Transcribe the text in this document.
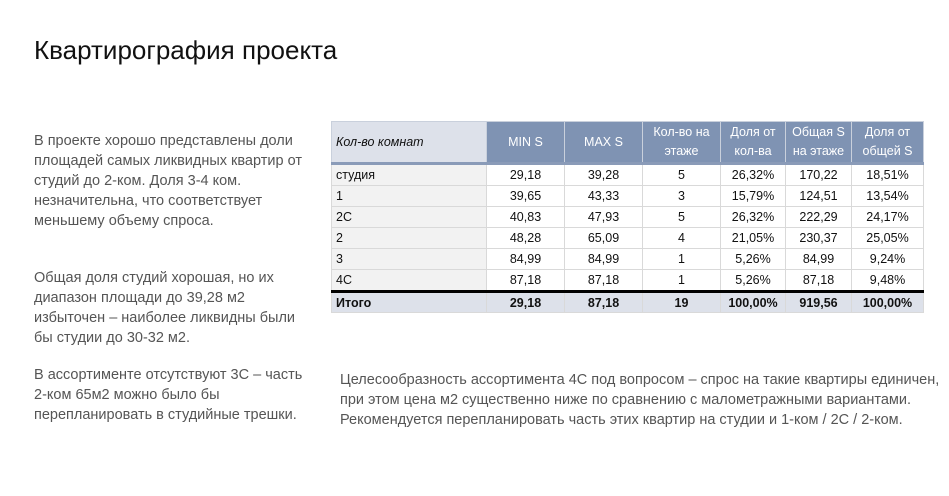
Квартирография проекта
В проекте хорошо представлены доли площадей самых ликвидных квартир от студий до 2-ком. Доля 3-4 ком. незначительна, что соответствует меньшему объему спроса.
Общая доля студий хорошая, но их диапазон площади до 39,28 м2 избыточен – наиболее ликвидны были бы студии до 30-32 м2.
В ассортименте отсутствуют 3С – часть 2-ком 65м2 можно было бы перепланировать в студийные трешки.
Кол-во комнат	MIN S	MAX S	Кол-во на этаже	Доля от кол-ва	Общая S на этаже	Доля от общей S
студия	29,18	39,28	5	26,32%	170,22	18,51%
1	39,65	43,33	3	15,79%	124,51	13,54%
2С	40,83	47,93	5	26,32%	222,29	24,17%
2	48,28	65,09	4	21,05%	230,37	25,05%
3	84,99	84,99	1	5,26%	84,99	9,24%
4С	87,18	87,18	1	5,26%	87,18	9,48%
Итого	29,18	87,18	19	100,00%	919,56	100,00%
Целесообразность ассортимента 4С под вопросом – спрос на такие квартиры единичен, при этом цена м2 существенно ниже по сравнению с малометражными вариантами. Рекомендуется перепланировать часть этих квартир на студии и 1-ком / 2С / 2-ком.
